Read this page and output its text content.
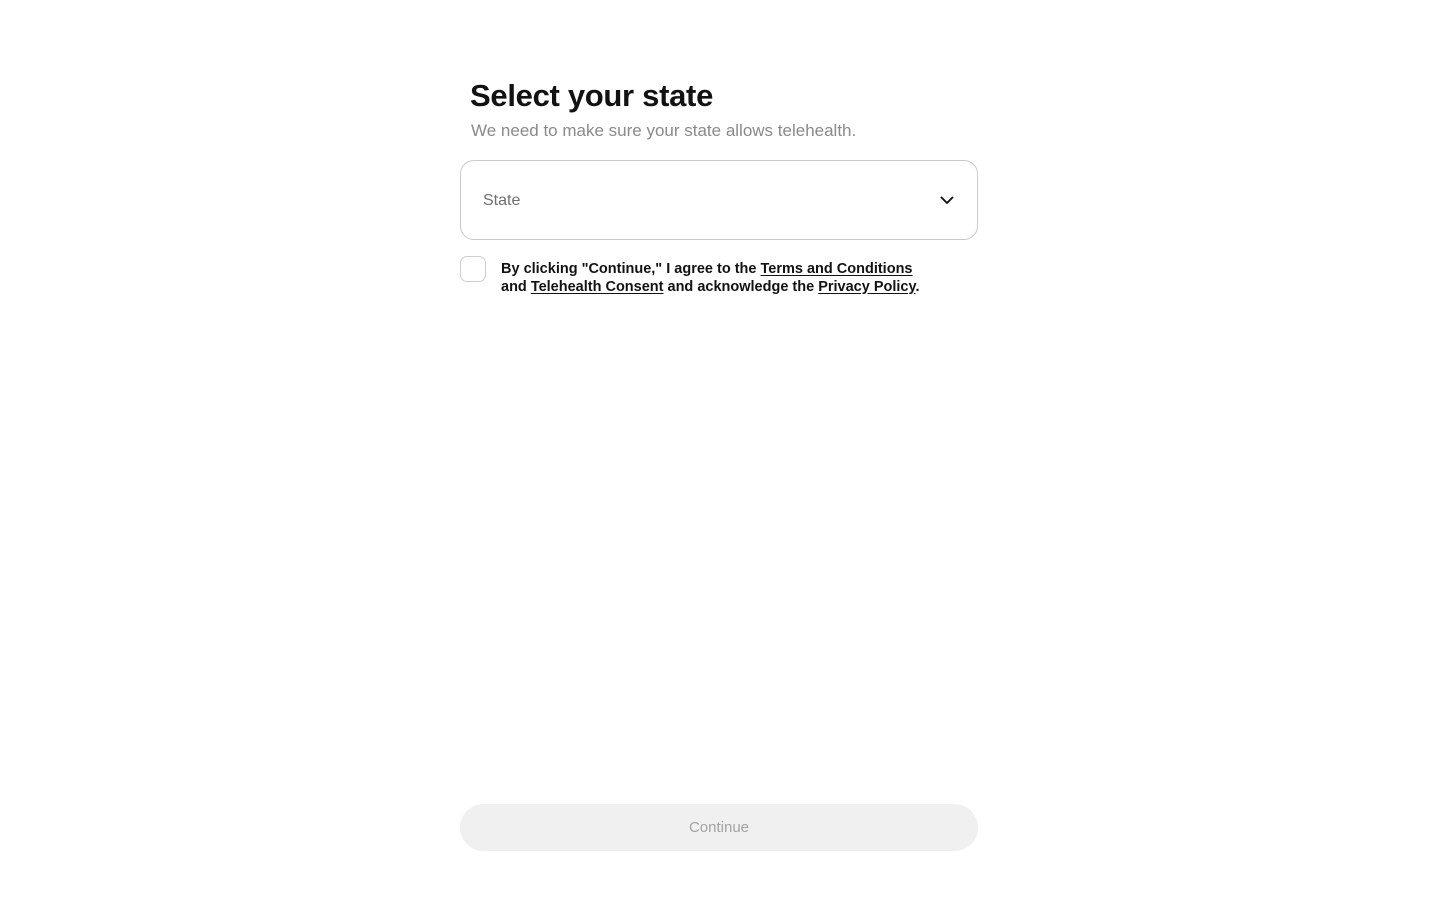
Select your state

We need to make sure your state allows telehealth.

State
By clicking "Continue," I agree to the Terms and Conditions and Telehealth Consent and acknowledge the Privacy Policy.
Continue
